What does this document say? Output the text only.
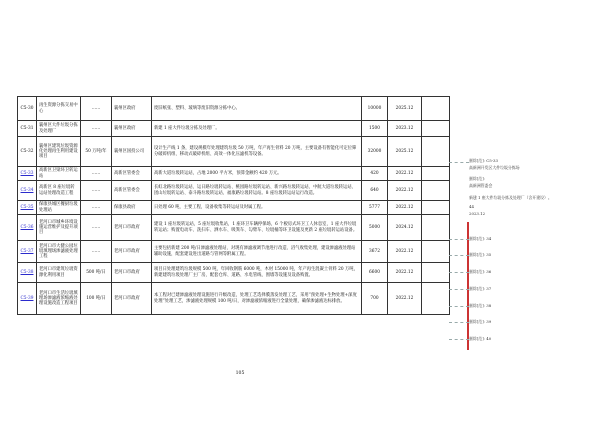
C5-30	再生资源分拣交易中心	……	襄州区政府	废旧纸张、塑料、玻璃等废旧资源分拣中心。	10000	2025.12	
C5-31	襄州区大件垃圾分拣及处理厂	……	襄州区政府	新建 1 座大件垃圾分拣及处理厂。	1500	2023.12	
C5-32	襄州区建筑垃圾资源化处理再生利用建设项目	50 万吨/年	襄州区国投公司	设计生产线 1 条，建设规模年处理建筑垃圾 50 万吨，年产再生骨料 20 万吨，主要设备有智能化可定位筛分破碎机组、移动式破碎机组、高效一体化压滤机等设备。	32000	2025.12	
C5-33	高新区卫梁环卫转运站	……	高新区管委会	高新大道垃圾转运站，占地 2000 平方米，预算金额约 420 万元。	420	2022.12	
C5-34	高新区 8 座垃圾转运站处理改造工程	……	高新区管委会	长虹北路垃圾转运站、运日路垃圾转运站、桃园路垃圾转运站、新兴路垃圾转运站、中航大道垃圾转运站、团山垃圾转运站、泰斗路垃圾转运站、福康路垃圾转运站。8 座垃圾转运站运行改造。	640	2022.12	
C5-35	保康县城区餐厨垃圾处理站	……	保康县政府	日处理 60 吨，主要工程，设备收集等转运站及时属工程。	5777	2022.12	
C5-36	老河口市城乡环境设施运营维护及提升项目	……	老河口市政府	建设 1 座垃圾转运站，5 座垃圾收集站，1 座环卫车辆停保场，6 个板房式环卫工人休息室，1 座大件垃圾转运站；购置电动车、洗扫车、洒水车、吸粪车、勾臂车、垃圾桶等环卫设施及更新 2 座垃圾转运站设备。	5000	2024.12	
C5-37	老河口市大健公园垃圾填埋场渗滤液处理工程	……	老河口市政府	主要包括新建 200 吨/日渗滤液处理站，对现有渗滤液调节池进行改造、沼气收集处理，建设渗滤液处理站辅助设施，配套建设进出道路与管网等附属工程。	3672	2022.12	
C5-38	老河口市建筑垃圾资源化利用项目	500 吨/日	老河口市政府	项目日处理建筑垃圾规模 500 吨，年回收钢筋 6000 吨，木材 15000 吨，年产再生混凝土骨料 20 万吨，新建建筑垃圾处理厂主厂房，配套仓库、道路、水电管线、围墙等设施及设备购置。	6600	2022.12	
C5-39	老河口市生活垃圾填埋场渗滤液浓缩液处理设施改造工程项目	100 吨/日	老河口市政府	本工程对已建渗滤液处理设施进行升级改造，处理工艺选择膜蒸发处理工艺，采用“预处理+生物处理+深度处理”处理工艺，渗滤液处理规模 100 吨/日，对渗滤液浓缩液进行全量处理，确保渗滤液达标排放。	700	2022.12	
105
删除[范]: C5-33
高新洲开发区大件垃圾分拣场
删除[范]:
高新洲管委会
新建 1 座大件垃圾分拣及处理厂（含开建设）。
44
2023.12
删除[范]: 34
删除[范]: 35
删除[范]: 36
删除[范]: 37
删除[范]: 38
删除[范]: 39
删除[范]: 40
